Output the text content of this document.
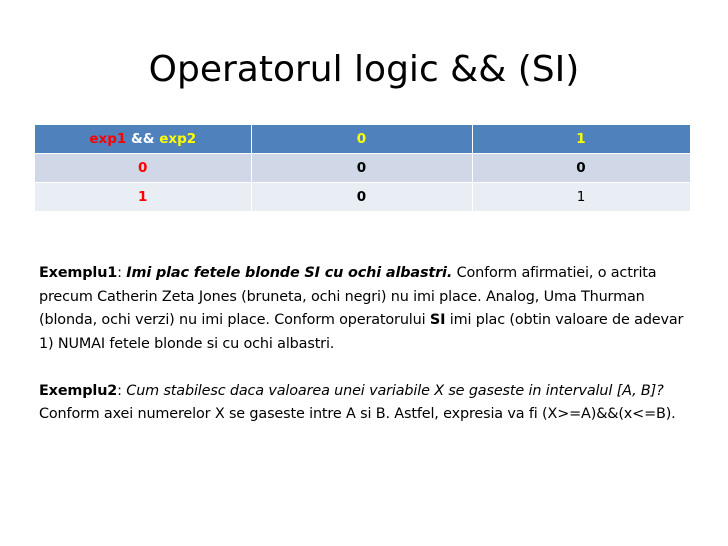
Operatorul logic && (SI)
exp1 && exp2	0	1
0	0	0
1	0	1

Exemplu1: Imi plac fetele blonde SI cu ochi albastri. Conform afirmatiei, o actrita precum Catherin Zeta Jones (bruneta, ochi negri) nu imi place. Analog, Uma Thurman (blonda, ochi verzi) nu imi place. Conform operatorului SI imi plac (obtin valoare de adevar 1) NUMAI fetele blonde si cu ochi albastri.

Exemplu2: Cum stabilesc daca valoarea unei variabile X se gaseste in intervalul [A, B]? Conform axei numerelor X se gaseste intre A si B. Astfel, expresia va fi (X>=A)&&(x<=B).
